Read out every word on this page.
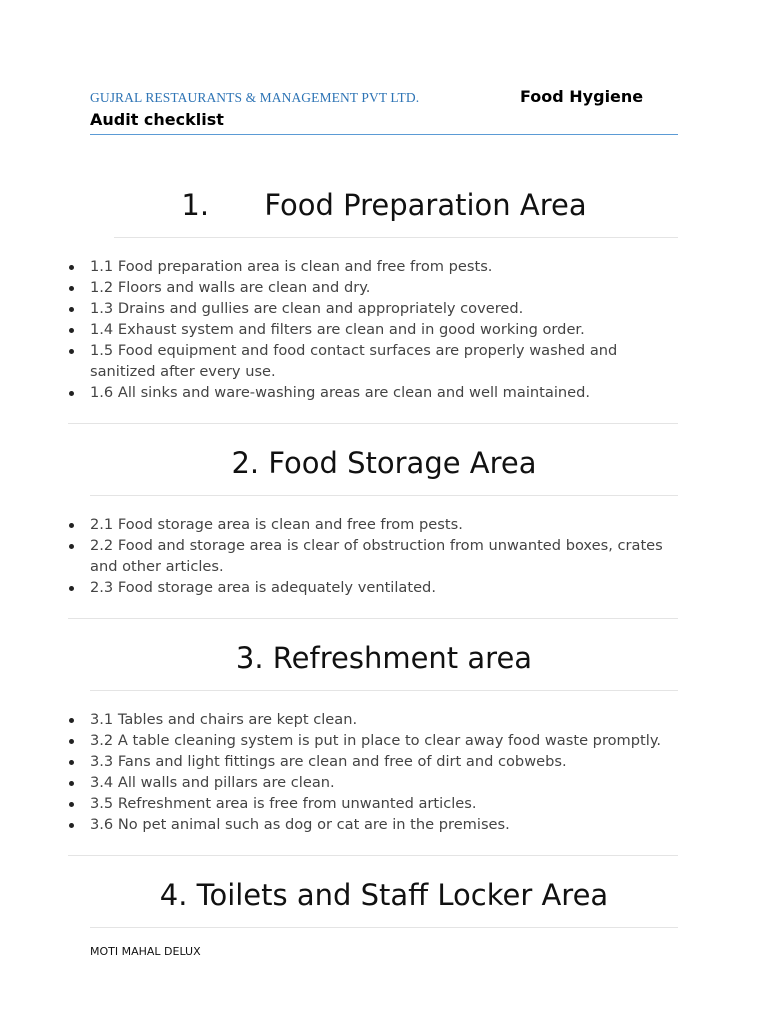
GUJRAL RESTAURANTS & MANAGEMENT PVT LTD.	Food Hygiene
Audit checklist
1.      Food Preparation Area
1.1 Food preparation area is clean and free from pests.
1.2 Floors and walls are clean and dry.
1.3 Drains and gullies are clean and appropriately covered.
1.4 Exhaust system and filters are clean and in good working order.
1.5 Food equipment and food contact surfaces are properly washed and sanitized after every use.
1.6 All sinks and ware-washing areas are clean and well maintained.
2. Food Storage Area
2.1 Food storage area is clean and free from pests.
2.2 Food and storage area is clear of obstruction from unwanted boxes, crates and other articles.
2.3 Food storage area is adequately ventilated.
3. Refreshment area
3.1 Tables and chairs are kept clean.
3.2 A table cleaning system is put in place to clear away food waste promptly.
3.3 Fans and light fittings are clean and free of dirt and cobwebs.
3.4 All walls and pillars are clean.
3.5 Refreshment area is free from unwanted articles.
3.6 No pet animal such as dog or cat are in the premises.
4. Toilets and Staff Locker Area
MOTI MAHAL DELUX
